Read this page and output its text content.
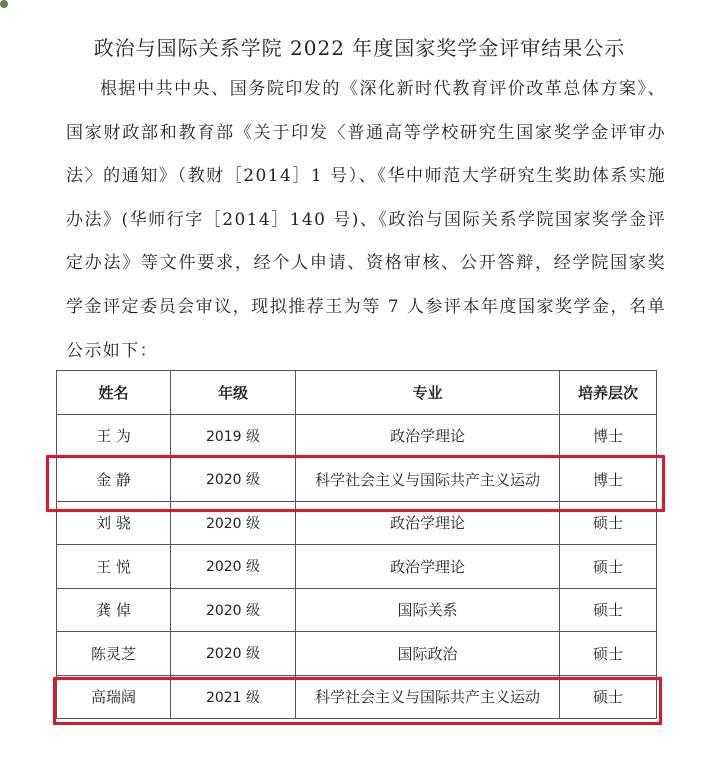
政治与国际关系学院 2022 年度国家奖学金评审结果公示
根据中共中央、国务院印发的《深化新时代教育评价改革总体方案》、国家财政部和教育部《关于印发〈普通高等学校研究生国家奖学金评审办法〉的通知》（教财［2014］1 号）、《华中师范大学研究生奖助体系实施办法》(华师行字［2014］140 号)、《政治与国际关系学院国家奖学金评定办法》等文件要求，经个人申请、资格审核、公开答辩，经学院国家奖学金评定委员会审议，现拟推荐王为等 7 人参评本年度国家奖学金，名单公示如下：
姓名	年级	专业	培养层次
王 为	2019 级	政治学理论	博士
金 静	2020 级	科学社会主义与国际共产主义运动	博士
刘 骁	2020 级	政治学理论	硕士
王 悦	2020 级	政治学理论	硕士
龚 倬	2020 级	国际关系	硕士
陈灵芝	2020 级	国际政治	硕士
高瑞阔	2021 级	科学社会主义与国际共产主义运动	硕士
